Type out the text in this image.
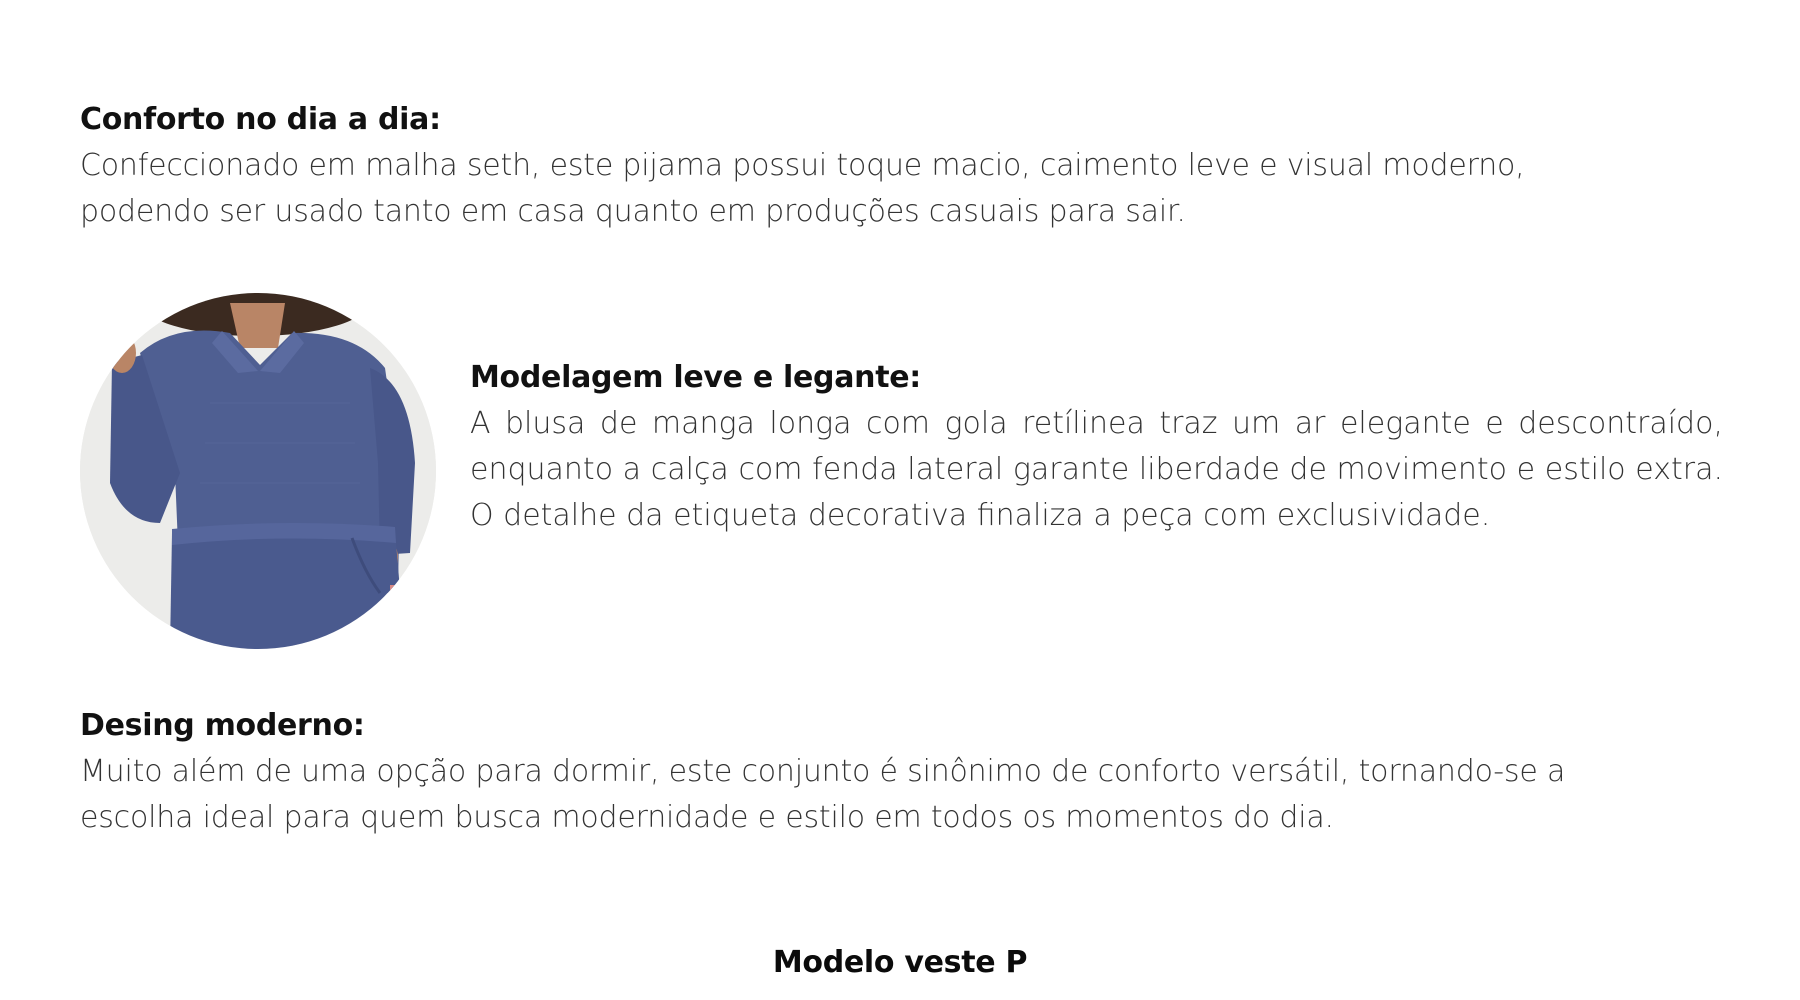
Conforto no dia a dia:

Confeccionado em malha seth, este pijama possui toque macio, caimento leve e visual moderno, podendo ser usado tanto em casa quanto em produções casuais para sair.

Modelagem leve e legante:

A blusa de manga longa com gola retílinea traz um ar elegante e descontraído, enquanto a calça com fenda lateral garante liberdade de movimento e estilo extra. O detalhe da etiqueta decorativa finaliza a peça com exclusividade.

Desing moderno:

Muito além de uma opção para dormir, este conjunto é sinônimo de conforto versátil, tornando-se a escolha ideal para quem busca modernidade e estilo em todos os momentos do dia.

Modelo veste P
